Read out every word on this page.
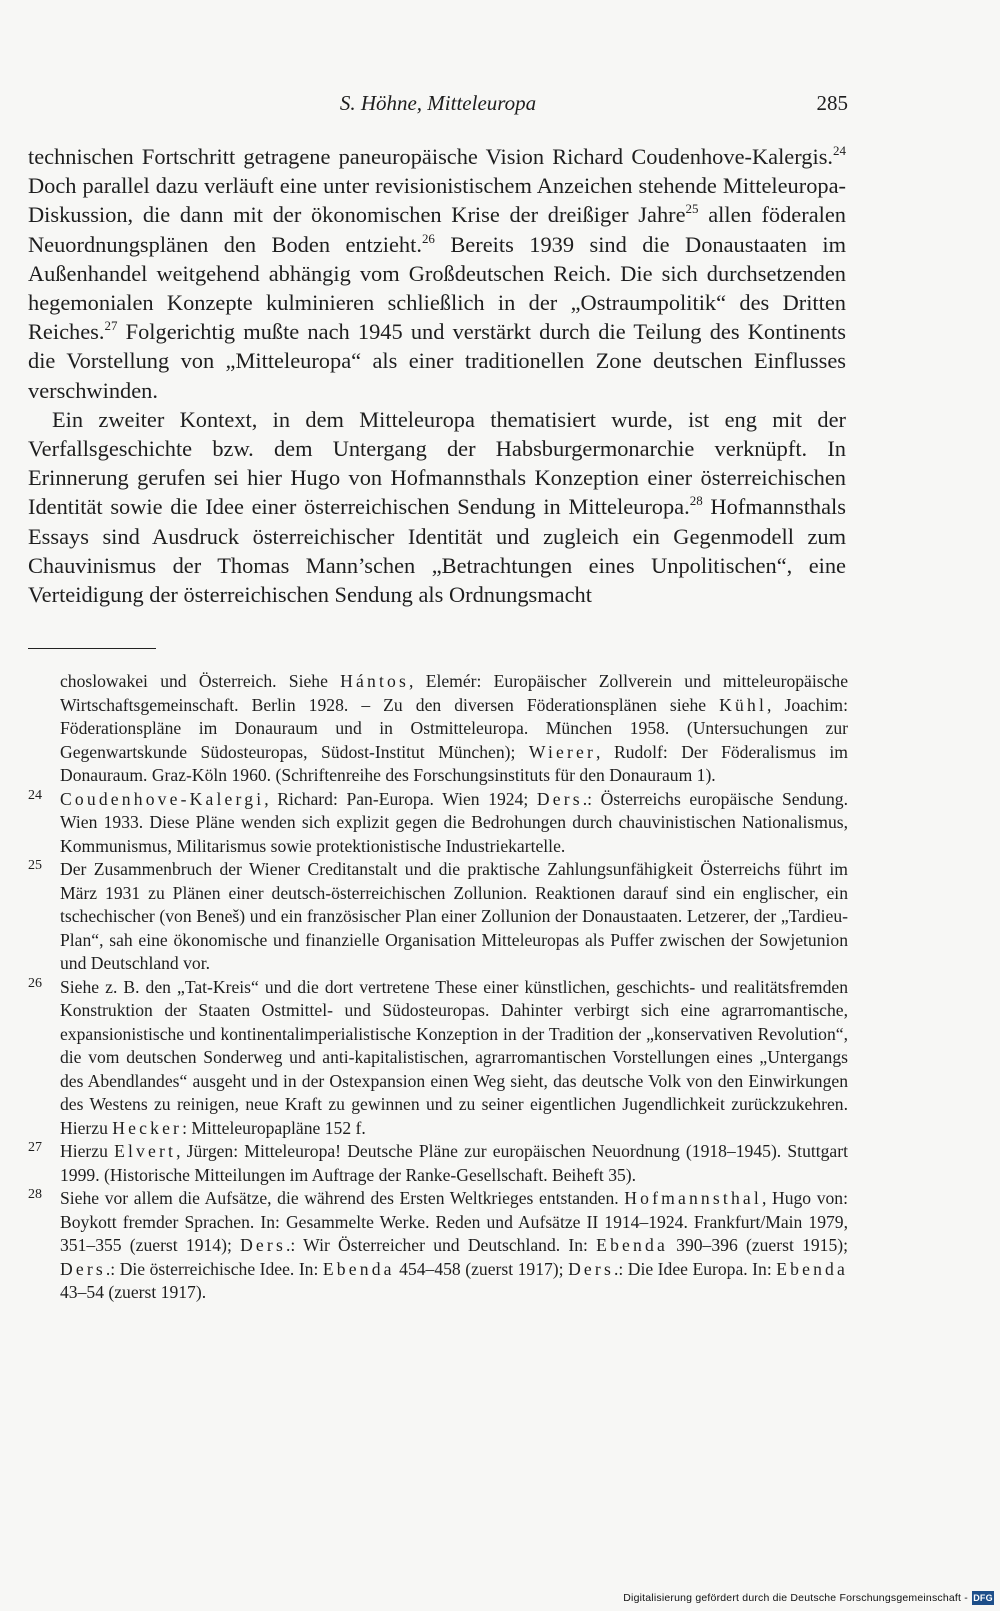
S. Höhne, Mitteleuropa	285

technischen Fortschritt getragene paneuropäische Vision Richard Coudenhove-Kalergis.$^{24}$ Doch parallel dazu verläuft eine unter revisionistischem Anzeichen stehende Mitteleuropa-Diskussion, die dann mit der ökonomischen Krise der dreißiger Jahre$^{25}$ allen föderalen Neuordnungsplänen den Boden entzieht.$^{26}$ Bereits 1939 sind die Donaustaaten im Außenhandel weitgehend abhängig vom Großdeutschen Reich. Die sich durchsetzenden hegemonialen Konzepte kulminieren schließlich in der „Ostraumpolitik“ des Dritten Reiches.$^{27}$ Folgerichtig mußte nach 1945 und verstärkt durch die Teilung des Kontinents die Vorstellung von „Mitteleuropa“ als einer traditionellen Zone deutschen Einflusses verschwinden.

Ein zweiter Kontext, in dem Mitteleuropa thematisiert wurde, ist eng mit der Verfallsgeschichte bzw. dem Untergang der Habsburgermonarchie verknüpft. In Erinnerung gerufen sei hier Hugo von Hofmannsthals Konzeption einer österreichischen Identität sowie die Idee einer österreichischen Sendung in Mitteleuropa.$^{28}$ Hofmannsthals Essays sind Ausdruck österreichischer Identität und zugleich ein Gegenmodell zum Chauvinismus der Thomas Mann’schen „Betrachtungen eines Unpolitischen“, eine Verteidigung der österreichischen Sendung als Ordnungsmacht

choslowakei und Österreich. Siehe Hántos, Elemér: Europäischer Zollverein und mitteleuropäische Wirtschaftsgemeinschaft. Berlin 1928. – Zu den diversen Föderationsplänen siehe Kühl, Joachim: Föderationspläne im Donauraum und in Ostmitteleuropa. München 1958. (Untersuchungen zur Gegenwartskunde Südosteuropas, Südost-Institut München); Wierer, Rudolf: Der Föderalismus im Donauraum. Graz-Köln 1960. (Schriftenreihe des Forschungsinstituts für den Donauraum 1).

24 Coudenhove-Kalergi, Richard: Pan-Europa. Wien 1924; Ders.: Österreichs europäische Sendung. Wien 1933. Diese Pläne wenden sich explizit gegen die Bedrohungen durch chauvinistischen Nationalismus, Kommunismus, Militarismus sowie protektionistische Industriekartelle.

25 Der Zusammenbruch der Wiener Creditanstalt und die praktische Zahlungsunfähigkeit Österreichs führt im März 1931 zu Plänen einer deutsch-österreichischen Zollunion. Reaktionen darauf sind ein englischer, ein tschechischer (von Beneš) und ein französischer Plan einer Zollunion der Donaustaaten. Letzerer, der „Tardieu-Plan“, sah eine ökonomische und finanzielle Organisation Mitteleuropas als Puffer zwischen der Sowjetunion und Deutschland vor.

26 Siehe z. B. den „Tat-Kreis“ und die dort vertretene These einer künstlichen, geschichts- und realitätsfremden Konstruktion der Staaten Ostmittel- und Südosteuropas. Dahinter verbirgt sich eine agrarromantische, expansionistische und kontinentalimperialistische Konzeption in der Tradition der „konservativen Revolution“, die vom deutschen Sonderweg und anti-kapitalistischen, agrarromantischen Vorstellungen eines „Untergangs des Abendlandes“ ausgeht und in der Ostexpansion einen Weg sieht, das deutsche Volk von den Einwirkungen des Westens zu reinigen, neue Kraft zu gewinnen und zu seiner eigentlichen Jugendlichkeit zurückzukehren. Hierzu Hecker: Mitteleuropapläne 152 f.

27 Hierzu Elvert, Jürgen: Mitteleuropa! Deutsche Pläne zur europäischen Neuordnung (1918–1945). Stuttgart 1999. (Historische Mitteilungen im Auftrage der Ranke-Gesellschaft. Beiheft 35).

28 Siehe vor allem die Aufsätze, die während des Ersten Weltkrieges entstanden. Hofmannsthal, Hugo von: Boykott fremder Sprachen. In: Gesammelte Werke. Reden und Aufsätze II 1914–1924. Frankfurt/Main 1979, 351–355 (zuerst 1914); Ders.: Wir Österreicher und Deutschland. In: Ebenda 390–396 (zuerst 1915); Ders.: Die österreichische Idee. In: Ebenda 454–458 (zuerst 1917); Ders.: Die Idee Europa. In: Ebenda 43–54 (zuerst 1917).

Digitalisierung gefördert durch die Deutsche Forschungsgemeinschaft - DFG
